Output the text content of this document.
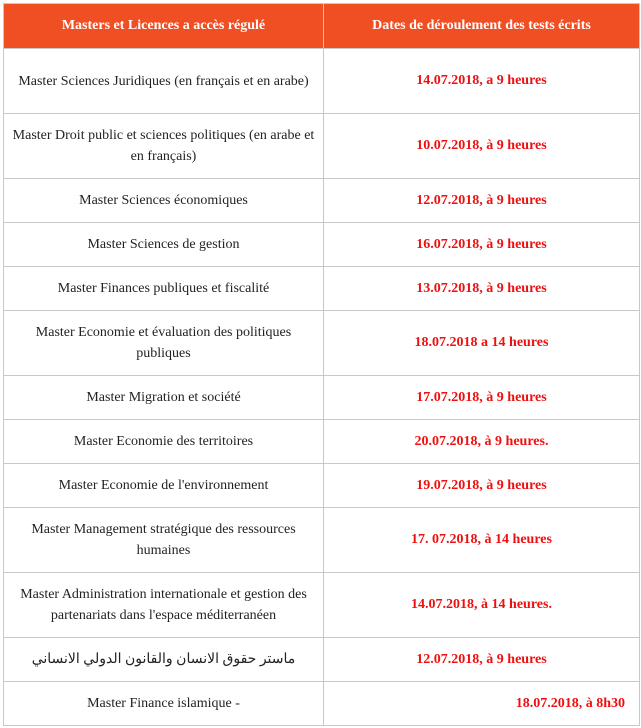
Masters et Licences a accès régulé	Dates de déroulement des tests écrits
Master Sciences Juridiques (en français et en arabe)	14.07.2018, a 9 heures
Master Droit public et sciences politiques (en arabe et en français)	10.07.2018, à 9 heures
Master Sciences économiques	12.07.2018, à 9 heures
Master Sciences de gestion	16.07.2018, à 9 heures
Master Finances publiques et fiscalité	13.07.2018, à 9 heures
Master Economie et évaluation des politiques publiques	18.07.2018 a 14 heures
Master Migration et société	17.07.2018, à 9 heures
Master Economie des territoires	20.07.2018, à 9 heures.
Master Economie de l'environnement	19.07.2018, à 9 heures
Master Management stratégique des ressources humaines	17. 07.2018, à 14 heures
Master Administration internationale et gestion des partenariats dans l'espace méditerranéen	14.07.2018, à 14 heures.
ماستر حقوق الانسان والقانون الدولي الانساني	12.07.2018, à 9 heures
Master Finance islamique -	18.07.2018, à 8h30
